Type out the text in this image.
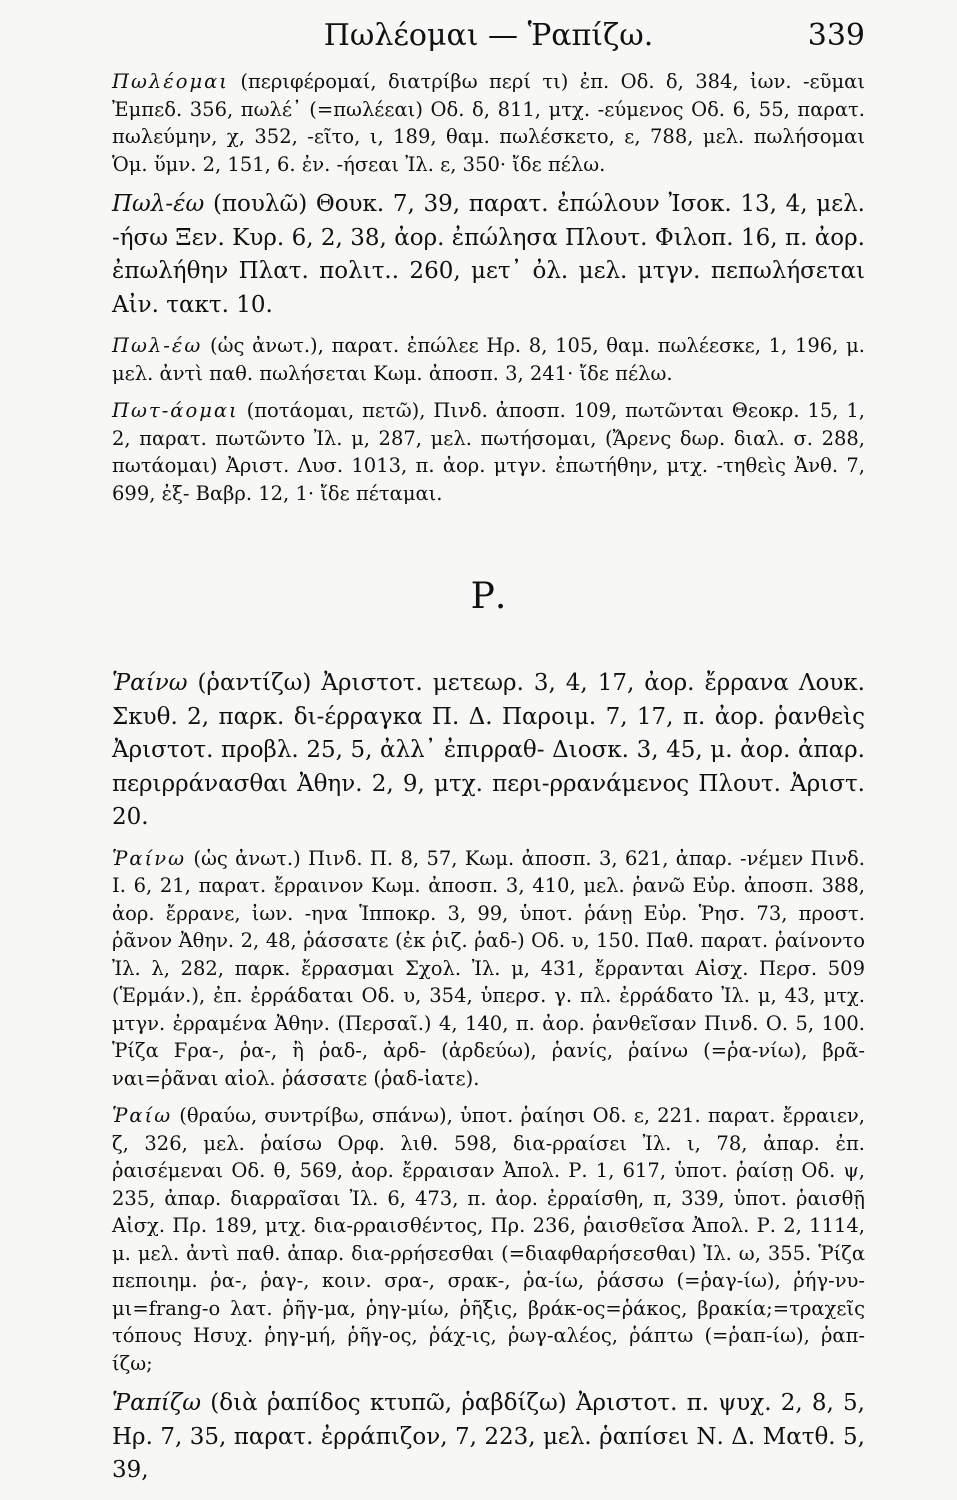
Πωλέομαι — Ῥαπίζω.	339

Πωλέομαι (περιφέρομαί, διατρίβω περί τι) ἐπ. Οδ. δ, 384, ἰων. -εῦμαι Ἐμπεδ. 356, πωλέ᾽ (=πωλέεαι) Οδ. δ, 811, μτχ. -εύμενος Οδ. 6, 55, παρατ. πωλεύμην, χ, 352, -εῖτο, ι, 189, θαμ. πωλέσκετο, ε, 788, μελ. πωλήσομαι Ὁμ. ὕμν. 2, 151, 6. ἐν. -ήσεαι Ἰλ. ε, 350· ἴδε πέλω.

Πωλ-έω (πουλῶ) Θουκ. 7, 39, παρατ. ἐπώλουν Ἰσοκ. 13, 4, μελ. -ήσω Ξεν. Κυρ. 6, 2, 38, ἀορ. ἐπώλησα Πλουτ. Φιλοπ. 16, π. ἀορ. ἐπωλήθην Πλατ. πολιτ.. 260, μετ᾽ ὀλ. μελ. μτγν. πεπωλήσεται Αἰν. τακτ. 10.

Πωλ-έω (ὡς ἀνωτ.), παρατ. ἐπώλεε Ηρ. 8, 105, θαμ. πωλέεσκε, 1, 196, μ. μελ. ἀντὶ παθ. πωλήσεται Κωμ. ἀποσπ. 3, 241· ἴδε πέλω.

Πωτ-άομαι (ποτάομαι, πετῶ), Πινδ. ἀποσπ. 109, πωτῶνται Θεοκρ. 15, 1, 2, παρατ. πωτῶντο Ἰλ. μ, 287, μελ. πωτήσομαι, (Ἄρενς δωρ. διαλ. σ. 288, πωτάομαι) Ἀριστ. Λυσ. 1013, π. ἀορ. μτγν. ἐπωτήθην, μτχ. -τηθεὶς Ἀνθ. 7, 699, ἐξ- Βαβρ. 12, 1· ἴδε πέταμαι.

Ρ.

Ῥαίνω (ῥαντίζω) Ἀριστοτ. μετεωρ. 3, 4, 17, ἀορ. ἔρρανα Λουκ. Σκυθ. 2, παρκ. δι-έρραγκα Π. Δ. Παροιμ. 7, 17, π. ἀορ. ῥανθεὶς Ἀριστοτ. προβλ. 25, 5, ἀλλ᾽ ἐπιρραθ- Διοσκ. 3, 45, μ. ἀορ. ἀπαρ. περιρράνασθαι Ἀθην. 2, 9, μτχ. περι-ρρανάμενος Πλουτ. Ἀριστ. 20.

Ῥαίνω (ὡς ἀνωτ.) Πινδ. Π. 8, 57, Κωμ. ἀποσπ. 3, 621, ἀπαρ. -νέμεν Πινδ. Ι. 6, 21, παρατ. ἔρραινον Κωμ. ἀποσπ. 3, 410, μελ. ῥανῶ Εὐρ. ἀποσπ. 388, ἀορ. ἔρρανε, ἰων. -ηνα Ἱπποκρ. 3, 99, ὑποτ. ῥάνῃ Εὐρ. Ῥησ. 73, προστ. ῥᾶνον Ἀθην. 2, 48, ῥάσσατε (ἐκ ῥιζ. ῥαδ-) Οδ. υ, 150. Παθ. παρατ. ῥαίνοντο Ἰλ. λ, 282, παρκ. ἔρρασμαι Σχολ. Ἰλ. μ, 431, ἔρρανται Αἰσχ. Περσ. 509 (Ἑρμάν.), ἐπ. ἐρράδαται Οδ. υ, 354, ὑπερσ. γ. πλ. ἐρράδατο Ἰλ. μ, 43, μτχ. μτγν. ἐρραμένα Ἀθην. (Περσαῖ.) 4, 140, π. ἀορ. ῥανθεῖσαν Πινδ. Ο. 5, 100. Ῥίζα Ϝρα-, ῥα-, ἢ ῥαδ-, ἀρδ- (ἀρδεύω), ῥανίς, ῥαίνω (=ῥα-νίω), βρᾶ-ναι=ῥᾶναι αἰολ. ῥάσσατε (ῥαδ-ἰατε).

Ῥαίω (θραύω, συντρίβω, σπάνω), ὑποτ. ῥαίησι Οδ. ε, 221. παρατ. ἔρραιεν, ζ, 326, μελ. ῥαίσω Ορφ. λιθ. 598, δια-ρραίσει Ἰλ. ι, 78, ἀπαρ. ἐπ. ῥαισέμεναι Οδ. θ, 569, ἀορ. ἔρραισαν Ἀπολ. Ρ. 1, 617, ὑποτ. ῥαίσῃ Οδ. ψ, 235, ἀπαρ. διαρραῖσαι Ἰλ. 6, 473, π. ἀορ. ἐρραίσθη, π, 339, ὑποτ. ῥαισθῇ Αἰσχ. Πρ. 189, μτχ. δια-ρραισθέντος, Πρ. 236, ῥαισθεῖσα Ἀπολ. Ρ. 2, 1114, μ. μελ. ἀντὶ παθ. ἀπαρ. δια-ρρήσεσθαι (=διαφθαρήσεσθαι) Ἰλ. ω, 355. Ῥίζα πεποιημ. ῥα-, ῥαγ-, κοιν. σρα-, σρακ-, ῥα-ίω, ῥάσσω (=ῥαγ-ίω), ῥήγ-νυ-μι=frang-o λατ. ῥῆγ-μα, ῥηγ-μίω, ῥῆξις, βράκ-ος=ῥάκος, βρακία;=τραχεῖς τόπους Ησυχ. ῥηγ-μή, ῥῆγ-ος, ῥάχ-ις, ῥωγ-αλέος, ῥάπτω (=ῥαπ-ίω), ῥαπ-ίζω;

Ῥαπίζω (διὰ ῥαπίδος κτυπῶ, ῥαβδίζω) Ἀριστοτ. π. ψυχ. 2, 8, 5, Ηρ. 7, 35, παρατ. ἐρράπιζον, 7, 223, μελ. ῥαπίσει Ν. Δ. Ματθ. 5, 39,
